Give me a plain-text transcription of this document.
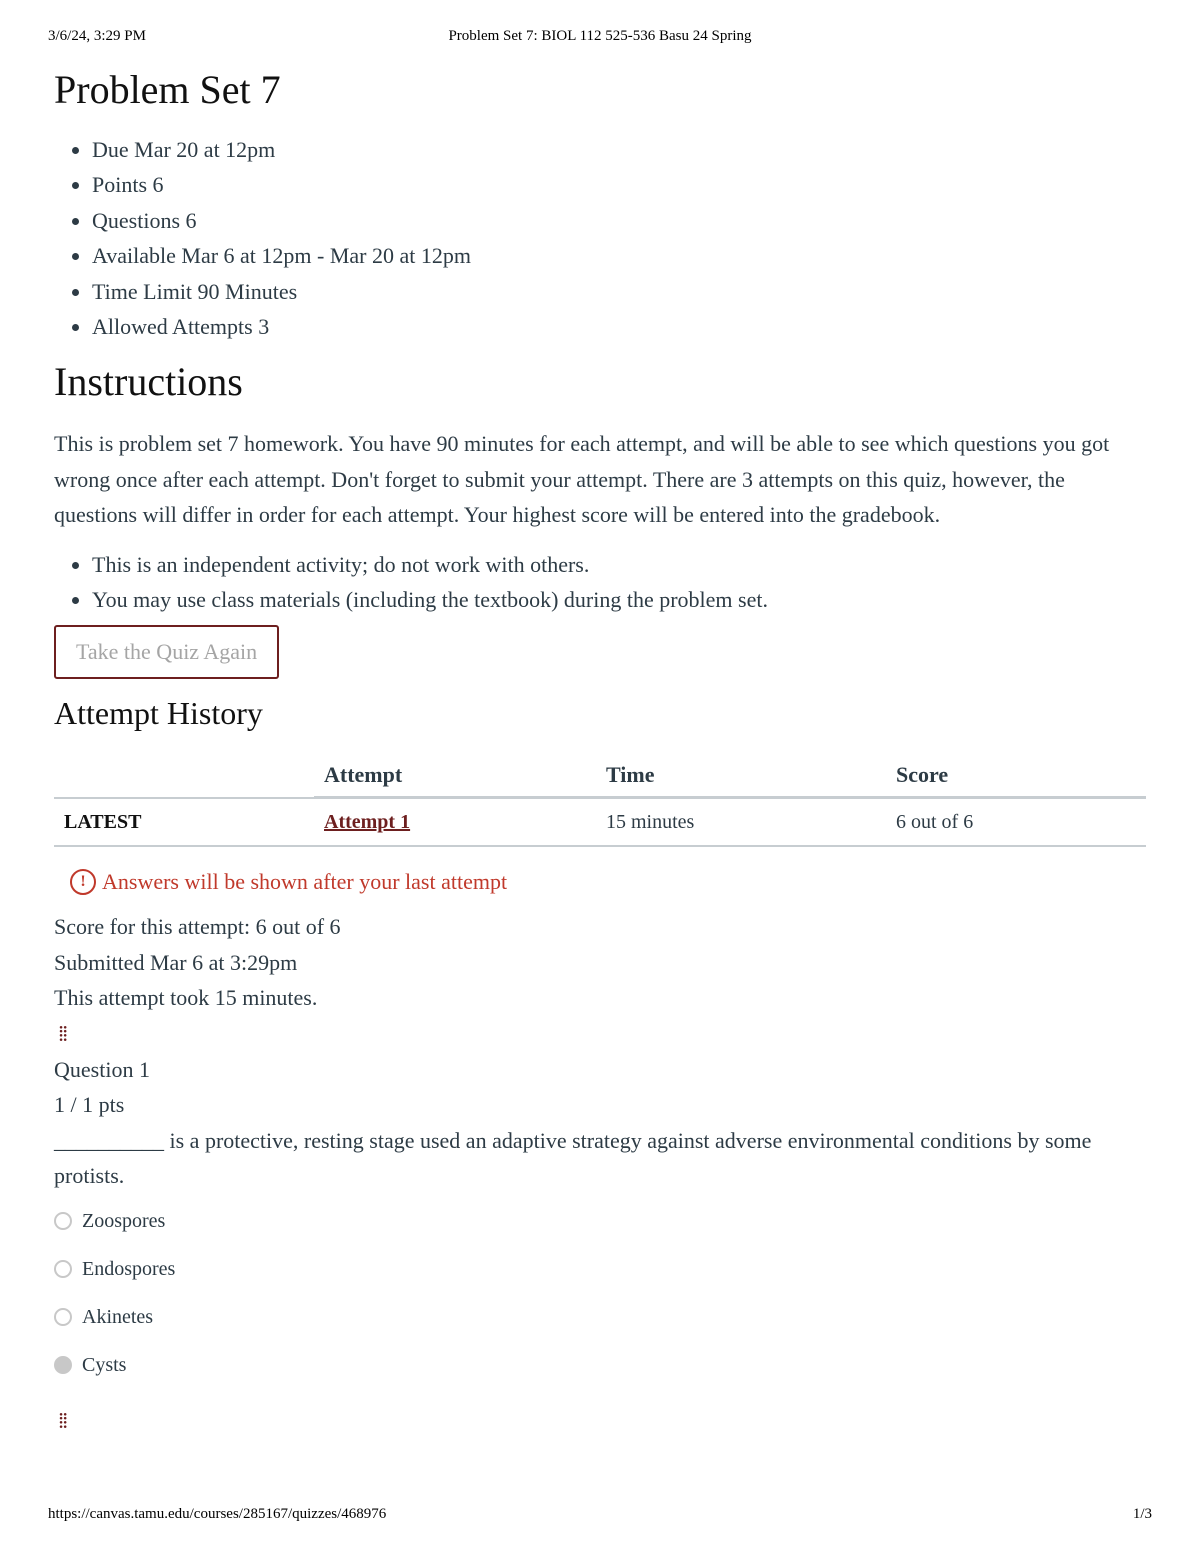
3/6/24, 3:29 PM	Problem Set 7: BIOL 112 525-536 Basu 24 Spring
Problem Set 7
• Due Mar 20 at 12pm
• Points 6
• Questions 6
• Available Mar 6 at 12pm - Mar 20 at 12pm
• Time Limit 90 Minutes
• Allowed Attempts 3
Instructions

This is problem set 7 homework. You have 90 minutes for each attempt, and will be able to see which questions you got wrong once after each attempt. Don't forget to submit your attempt. There are 3 attempts on this quiz, however, the questions will differ in order for each attempt. Your highest score will be entered into the gradebook.

• This is an independent activity; do not work with others.
• You may use class materials (including the textbook) during the problem set.
Take the Quiz Again
Attempt History
	Attempt	Time	Score
LATEST	Attempt 1	15 minutes	6 out of 6
! Answers will be shown after your last attempt
Score for this attempt: 6 out of 6
Submitted Mar 6 at 3:29pm
This attempt took 15 minutes.
⁞⁞
Question 1
1 / 1 pts
__________ is a protective, resting stage used an adaptive strategy against adverse environmental conditions by some protists.
Zoospores
Endospores
Akinetes
Cysts
⁞⁞
https://canvas.tamu.edu/courses/285167/quizzes/468976	1/3
